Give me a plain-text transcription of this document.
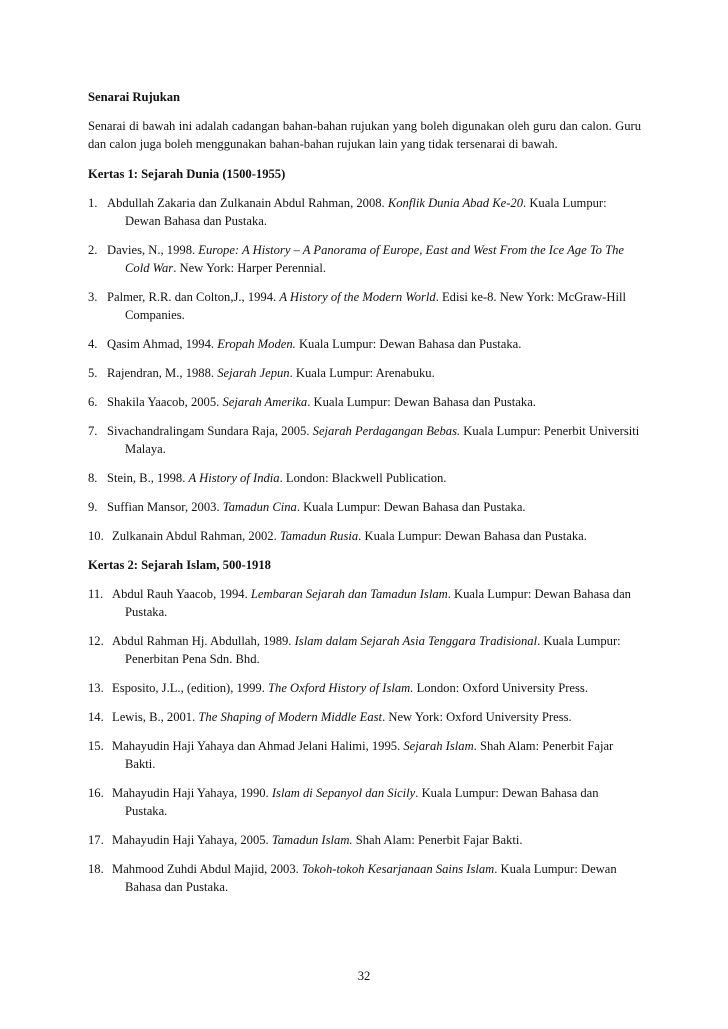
Senarai Rujukan
Senarai di bawah ini adalah cadangan bahan-bahan rujukan yang boleh digunakan oleh guru dan calon. Guru dan calon juga boleh menggunakan bahan-bahan rujukan lain yang tidak tersenarai di bawah.
Kertas 1: Sejarah Dunia (1500-1955)
1. Abdullah Zakaria dan Zulkanain Abdul Rahman, 2008. Konflik Dunia Abad Ke-20. Kuala Lumpur: Dewan Bahasa dan Pustaka.
2. Davies, N., 1998. Europe: A History – A Panorama of Europe, East and West From the Ice Age To The Cold War. New York: Harper Perennial.
3. Palmer, R.R. dan Colton,J., 1994. A History of the Modern World. Edisi ke-8. New York: McGraw-Hill Companies.
4. Qasim Ahmad, 1994. Eropah Moden. Kuala Lumpur: Dewan Bahasa dan Pustaka.
5. Rajendran, M., 1988. Sejarah Jepun. Kuala Lumpur: Arenabuku.
6. Shakila Yaacob, 2005. Sejarah Amerika. Kuala Lumpur: Dewan Bahasa dan Pustaka.
7. Sivachandralingam Sundara Raja, 2005. Sejarah Perdagangan Bebas. Kuala Lumpur: Penerbit Universiti Malaya.
8. Stein, B., 1998. A History of India. London: Blackwell Publication.
9. Suffian Mansor, 2003. Tamadun Cina. Kuala Lumpur: Dewan Bahasa dan Pustaka.
10. Zulkanain Abdul Rahman, 2002. Tamadun Rusia. Kuala Lumpur: Dewan Bahasa dan Pustaka.
Kertas 2: Sejarah Islam, 500-1918
11. Abdul Rauh Yaacob, 1994. Lembaran Sejarah dan Tamadun Islam. Kuala Lumpur: Dewan Bahasa dan Pustaka.
12. Abdul Rahman Hj. Abdullah, 1989. Islam dalam Sejarah Asia Tenggara Tradisional. Kuala Lumpur: Penerbitan Pena Sdn. Bhd.
13. Esposito, J.L., (edition), 1999. The Oxford History of Islam. London: Oxford University Press.
14. Lewis, B., 2001. The Shaping of Modern Middle East. New York: Oxford University Press.
15. Mahayudin Haji Yahaya dan Ahmad Jelani Halimi, 1995. Sejarah Islam. Shah Alam: Penerbit Fajar Bakti.
16. Mahayudin Haji Yahaya, 1990. Islam di Sepanyol dan Sicily. Kuala Lumpur: Dewan Bahasa dan Pustaka.
17. Mahayudin Haji Yahaya, 2005. Tamadun Islam. Shah Alam: Penerbit Fajar Bakti.
18. Mahmood Zuhdi Abdul Majid, 2003. Tokoh-tokoh Kesarjanaan Sains Islam. Kuala Lumpur: Dewan Bahasa dan Pustaka.
32
